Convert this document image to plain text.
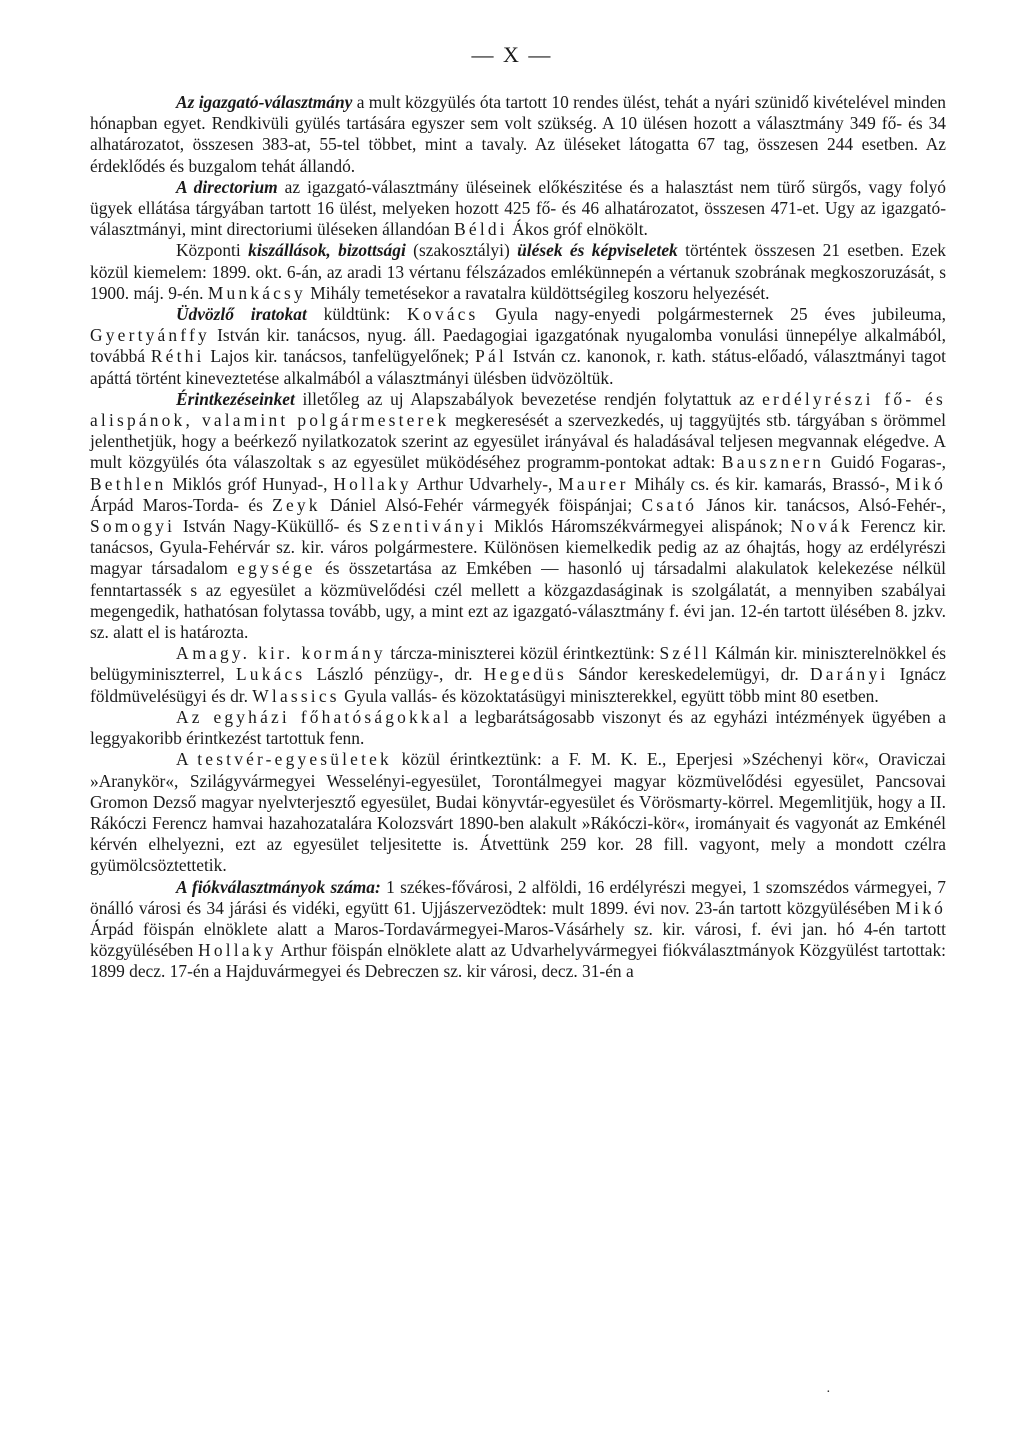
— X —

Az igazgató-választmány a mult közgyülés óta tartott 10 rendes ülést, tehát a nyári szünidő kivételével minden hónapban egyet. Rendkivüli gyülés tartására egyszer sem volt szükség. A 10 ülésen hozott a választmány 349 fő- és 34 alhatározatot, összesen 383-at, 55-tel többet, mint a tavaly. Az üléseket látogatta 67 tag, összesen 244 esetben. Az érdeklődés és buzgalom tehát állandó.

A directorium az igazgató-választmány üléseinek előkészitése és a halasztást nem türő sürgős, vagy folyó ügyek ellátása tárgyában tartott 16 ülést, melyeken hozott 425 fő- és 46 alhatározatot, összesen 471-et. Ugy az igazgató-választmányi, mint directoriumi üléseken állandóan Béldi Ákos gróf elnökölt.

Központi kiszállások, bizottsági (szakosztályi) ülések és képviseletek történtek összesen 21 esetben. Ezek közül kiemelem: 1899. okt. 6-án, az aradi 13 vértanu félszázados emlékünnepén a vértanuk szobrának megkoszoruzását, s 1900. máj. 9-én. Munkácsy Mihály temetésekor a ravatalra küldöttségileg koszoru helyezését.

Üdvözlő iratokat küldtünk: Kovács Gyula nagy-enyedi polgármesternek 25 éves jubileuma, Gyertyánffy István kir. tanácsos, nyug. áll. Paedagogiai igazgatónak nyugalomba vonulási ünnepélye alkalmából, továbbá Réthi Lajos kir. tanácsos, tanfelügyelőnek; Pál István cz. kanonok, r. kath. státus-előadó, választmányi tagot apáttá történt kineveztetése alkalmából a választmányi ülésben üdvözöltük.

Érintkezéseinket illetőleg az uj Alapszabályok bevezetése rendjén folytattuk az erdélyrészi fő- és alispánok, valamint polgármesterek megkeresését a szervezkedés, uj taggyüjtés stb. tárgyában s örömmel jelenthetjük, hogy a beérkező nyilatkozatok szerint az egyesület irányával és haladásával teljesen megvannak elégedve. A mult közgyülés óta válaszoltak s az egyesület müködéséhez programm-pontokat adtak: Bausznern Guidó Fogaras-, Bethlen Miklós gróf Hunyad-, Hollaky Arthur Udvarhely-, Maurer Mihály cs. és kir. kamarás, Brassó-, Mikó Árpád Maros-Torda- és Zeyk Dániel Alsó-Fehér vármegyék föispánjai; Csató János kir. tanácsos, Alsó-Fehér-, Somogyi István Nagy-Küküllő- és Szentiványi Miklós Háromszékvármegyei alispánok; Novák Ferencz kir. tanácsos, Gyula-Fehérvár sz. kir. város polgármestere. Különösen kiemelkedik pedig az az óhajtás, hogy az erdélyrészi magyar társadalom egysége és összetartása az Emkében — hasonló uj társadalmi alakulatok kelekezése nélkül fenntartassék s az egyesület a közmüvelődési czél mellett a közgazdaságinak is szolgálatát, a mennyiben szabályai megengedik, hathatósan folytassa tovább, ugy, a mint ezt az igazgató-választmány f. évi jan. 12-én tartott ülésében 8. jzkv. sz. alatt el is határozta.

A magy. kir. kormány tárcza-miniszterei közül érintkeztünk: Széll Kálmán kir. miniszterelnökkel és belügyminiszterrel, Lukács László pénzügy-, dr. Hegedüs Sándor kereskedelemügyi, dr. Darányi Ignácz földmüvelésügyi és dr. Wlassics Gyula vallás- és közoktatásügyi miniszterekkel, együtt több mint 80 esetben.

Az egyházi főhatóságokkal a legbarátságosabb viszonyt és az egyházi intézmények ügyében a leggyakoribb érintkezést tartottuk fenn.

A testvér-egyesületek közül érintkeztünk: a F. M. K. E., Eperjesi »Széchenyi kör«, Oraviczai »Aranykör«, Szilágyvármegyei Wesselényi-egyesület, Torontálmegyei magyar közmüvelődési egyesület, Pancsovai Gromon Dezső magyar nyelvterjesztő egyesület, Budai könyvtár-egyesület és Vörösmarty-körrel. Megemlitjük, hogy a II. Rákóczi Ferencz hamvai hazahozatalára Kolozsvárt 1890-ben alakult »Rákóczi-kör«, irományait és vagyonát az Emkénél kérvén elhelyezni, ezt az egyesület teljesitette is. Átvettünk 259 kor. 28 fill. vagyont, mely a mondott czélra gyümölcsöztettetik.

A fiókválasztmányok száma: 1 székes-fővárosi, 2 alföldi, 16 erdélyrészi megyei, 1 szomszédos vármegyei, 7 önálló városi és 34 járási és vidéki, együtt 61. Ujjászervezödtek: mult 1899. évi nov. 23-án tartott közgyülésében Mikó Árpád föispán elnöklete alatt a Maros-Tordavármegyei-Maros-Vásárhely sz. kir. városi, f. évi jan. hó 4-én tartott közgyülésében Hollaky Arthur föispán elnöklete alatt az Udvarhelyvármegyei fiókválasztmányok Közgyülést tartottak: 1899 decz. 17-én a Hajduvármegyei és Debreczen sz. kir városi, decz. 31-én a

·
